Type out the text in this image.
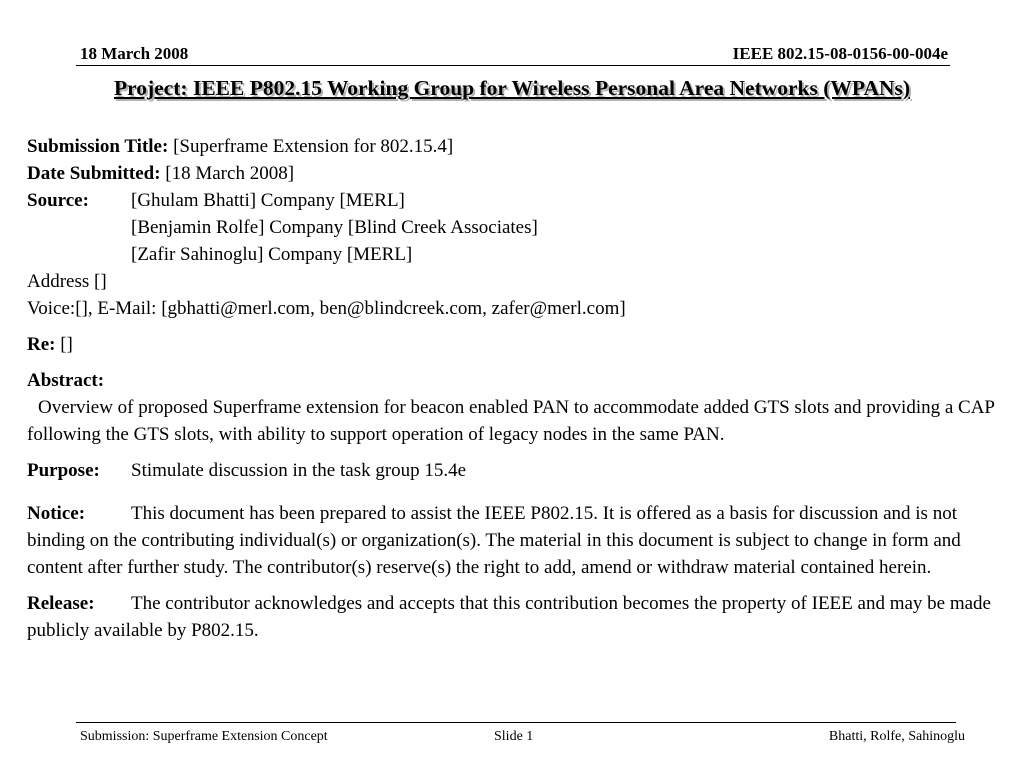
18 March 2008	IEEE 802.15-08-0156-00-004e
Project: IEEE P802.15 Working Group for Wireless Personal Area Networks (WPANs)

Submission Title: [Superframe Extension for 802.15.4]

Date Submitted: [18 March 2008]

Source: [Ghulam Bhatti] Company [MERL]

[Benjamin Rolfe] Company [Blind Creek Associates]

[Zafir Sahinoglu] Company [MERL]

Address []

Voice:[], E-Mail: [gbhatti@merl.com, ben@blindcreek.com, zafer@merl.com]

Re: []

Abstract:

Overview of proposed Superframe extension for beacon enabled PAN to accommodate added GTS slots and providing a CAP following the GTS slots, with ability to support operation of legacy nodes in the same PAN.

Purpose: Stimulate discussion in the task group 15.4e

Notice: This document has been prepared to assist the IEEE P802.15. It is offered as a basis for discussion and is not binding on the contributing individual(s) or organization(s). The material in this document is subject to change in form and content after further study. The contributor(s) reserve(s) the right to add, amend or withdraw material contained herein.

Release: The contributor acknowledges and accepts that this contribution becomes the property of IEEE and may be made publicly available by P802.15.

Submission: Superframe Extension Concept	Slide 1	Bhatti, Rolfe, Sahinoglu
